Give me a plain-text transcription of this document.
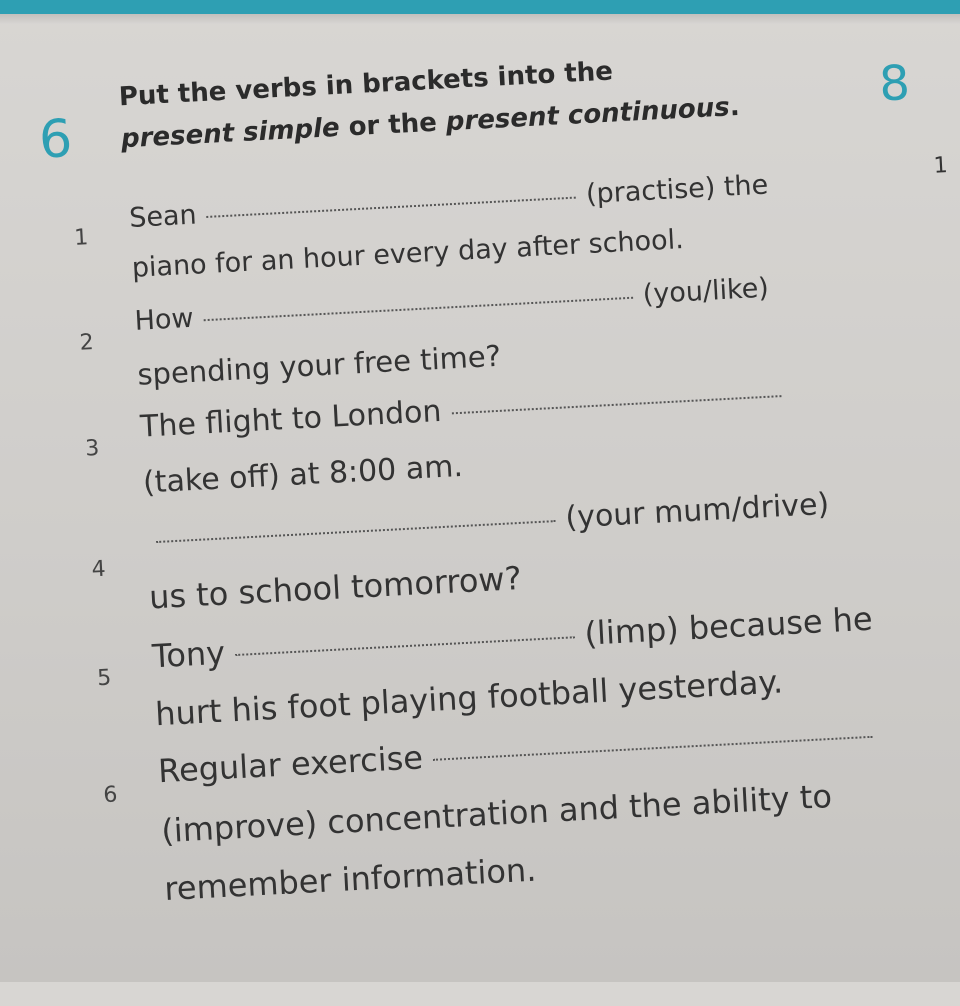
6
Put the verbs in brackets into the
present simple or the present continuous.	8
1
1
Sean(practise) the
piano for an hour every day after school.
2
How(you/like)
spending your free time?
3
The flight to London
(take off) at 8:00 am.
4
(your mum/drive)
us to school tomorrow?
5
Tony(limp) because he
hurt his foot playing football yesterday.
6
Regular exercise
(improve) concentration and the ability to
remember information.
